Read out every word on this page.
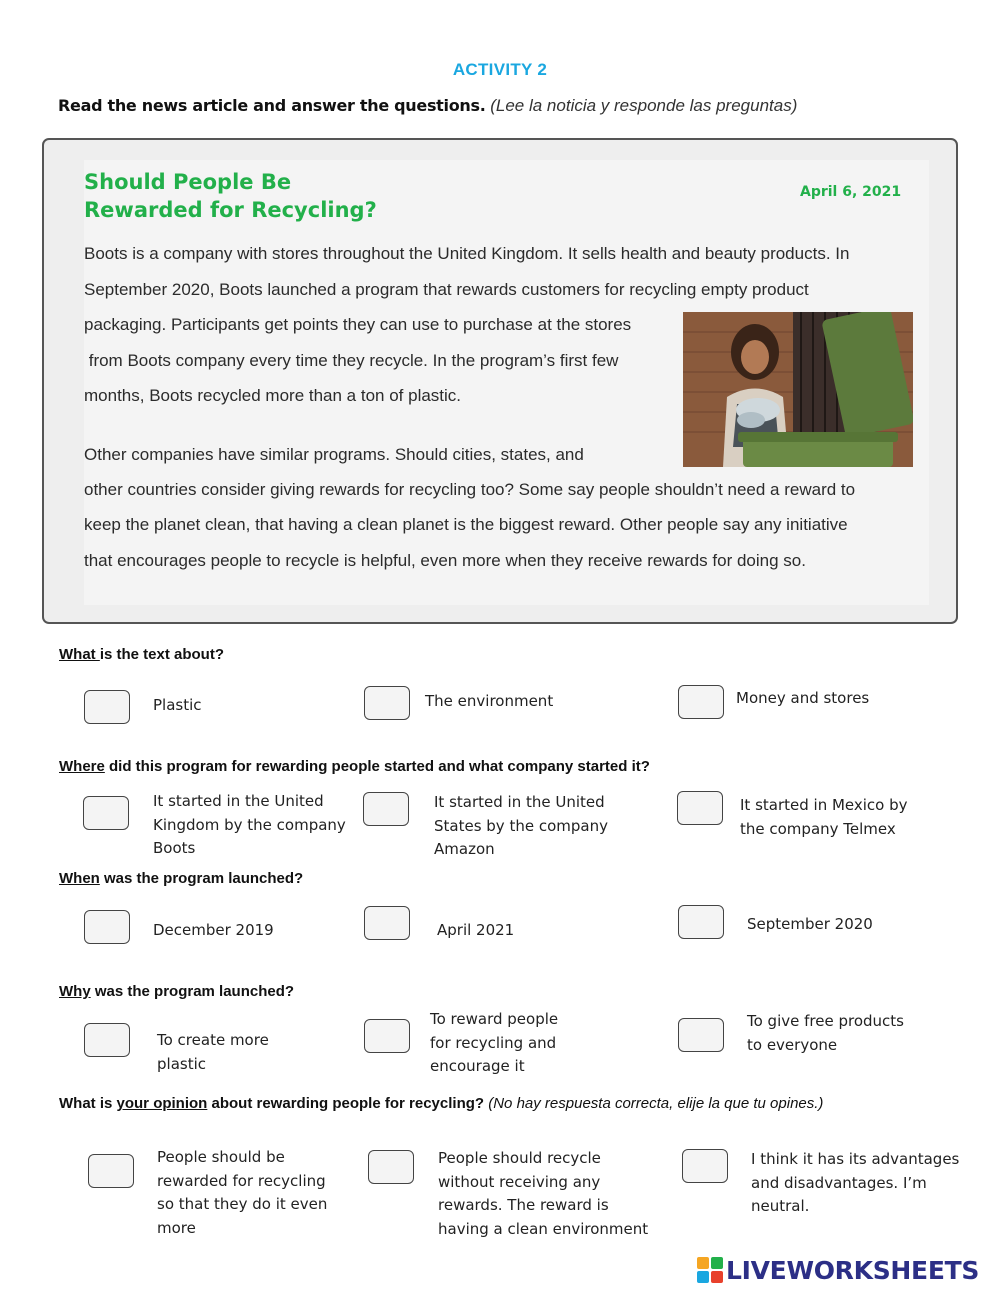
ACTIVITY 2
Read the news article and answer the questions. (Lee la noticia y responde las preguntas)
Should People Be
Rewarded for Recycling?
April 6, 2021
Boots is a company with stores throughout the United Kingdom. It sells health and beauty products. In
September 2020, Boots launched a program that rewards customers for recycling empty product
packaging. Participants get points they can use to purchase at the stores
from Boots company every time they recycle. In the program’s first few
months, Boots recycled more than a ton of plastic.
Other companies have similar programs. Should cities, states, and
other countries consider giving rewards for recycling too? Some say people shouldn’t need a reward to
keep the planet clean, that having a clean planet is the biggest reward. Other people say any initiative
that encourages people to recycle is helpful, even more when they receive rewards for doing so.
What is the text about?
Plastic	The environment	Money and stores
Where did this program for rewarding people started and what company started it?
It started in the United
Kingdom by the company
Boots
It started in the United
States by the company
Amazon
It started in Mexico by
the company Telmex
When was the program launched?
December 2019	April 2021	September 2020
Why was the program launched?
To create more
plastic
To reward people
for recycling and
encourage it
To give free products
to everyone
What is your opinion about rewarding people for recycling? (No hay respuesta correcta, elije la que tu opines.)
People should be
rewarded for recycling
so that they do it even
more
People should recycle
without receiving any
rewards. The reward is
having a clean environment
I think it has its advantages
and disadvantages. I’m
neutral.
LIVEWORKSHEETS
